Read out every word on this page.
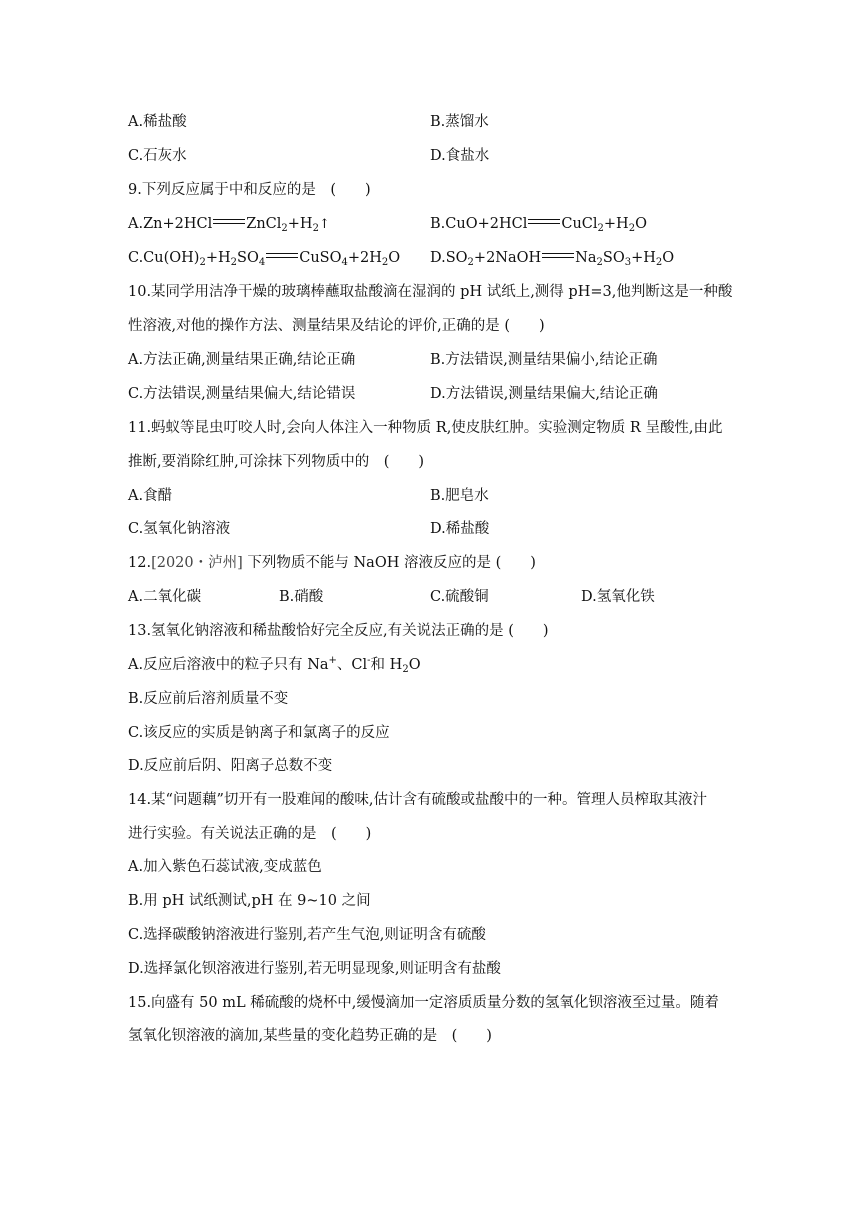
A.稀盐酸	B.蒸馏水
C.石灰水	D.食盐水
9.下列反应属于中和反应的是　(　　)
A.Zn+2HCl $ZnCl_2+H_2↑$	B.CuO+2HCl $CuCl_2+H_2O$
$C.Cu(OH)_2+H_2SO_4$ $CuSO_4+2H_2O$ $D.SO_2+2NaOH$ $Na_2SO_3+H_2O$
10.某同学用洁净干燥的玻璃棒蘸取盐酸滴在湿润的 pH 试纸上,测得 pH=3,他判断这是一种酸
性溶液,对他的操作方法、测量结果及结论的评价,正确的是 (　　)
A.方法正确,测量结果正确,结论正确	B.方法错误,测量结果偏小,结论正确
C.方法错误,测量结果偏大,结论错误	D.方法错误,测量结果偏大,结论正确
11.蚂蚁等昆虫叮咬人时,会向人体注入一种物质 R,使皮肤红肿。实验测定物质 R 呈酸性,由此
推断,要消除红肿,可涂抹下列物质中的　(　　)
A.食醋	B.肥皂水
C.氢氧化钠溶液	D.稀盐酸
12.[2020・泸州] 下列物质不能与 NaOH 溶液反应的是 (　　)
A.二氧化碳	B.硝酸	C.硫酸铜	D.氢氧化铁
13.氢氧化钠溶液和稀盐酸恰好完全反应,有关说法正确的是 (　　)
A.反应后溶液中的粒子只有 Na+、Cl-和 $H_2O$
B.反应前后溶剂质量不变
C.该反应的实质是钠离子和氯离子的反应
D.反应前后阴、阳离子总数不变
14.某“问题藕”切开有一股难闻的酸味,估计含有硫酸或盐酸中的一种。管理人员榨取其液汁
进行实验。有关说法正确的是　(　　)
A.加入紫色石蕊试液,变成蓝色
B.用 pH 试纸测试,pH 在 9~10 之间
C.选择碳酸钠溶液进行鉴别,若产生气泡,则证明含有硫酸
D.选择氯化钡溶液进行鉴别,若无明显现象,则证明含有盐酸
15.向盛有 50 mL 稀硫酸的烧杯中,缓慢滴加一定溶质质量分数的氢氧化钡溶液至过量。随着
氢氧化钡溶液的滴加,某些量的变化趋势正确的是　(　　)
